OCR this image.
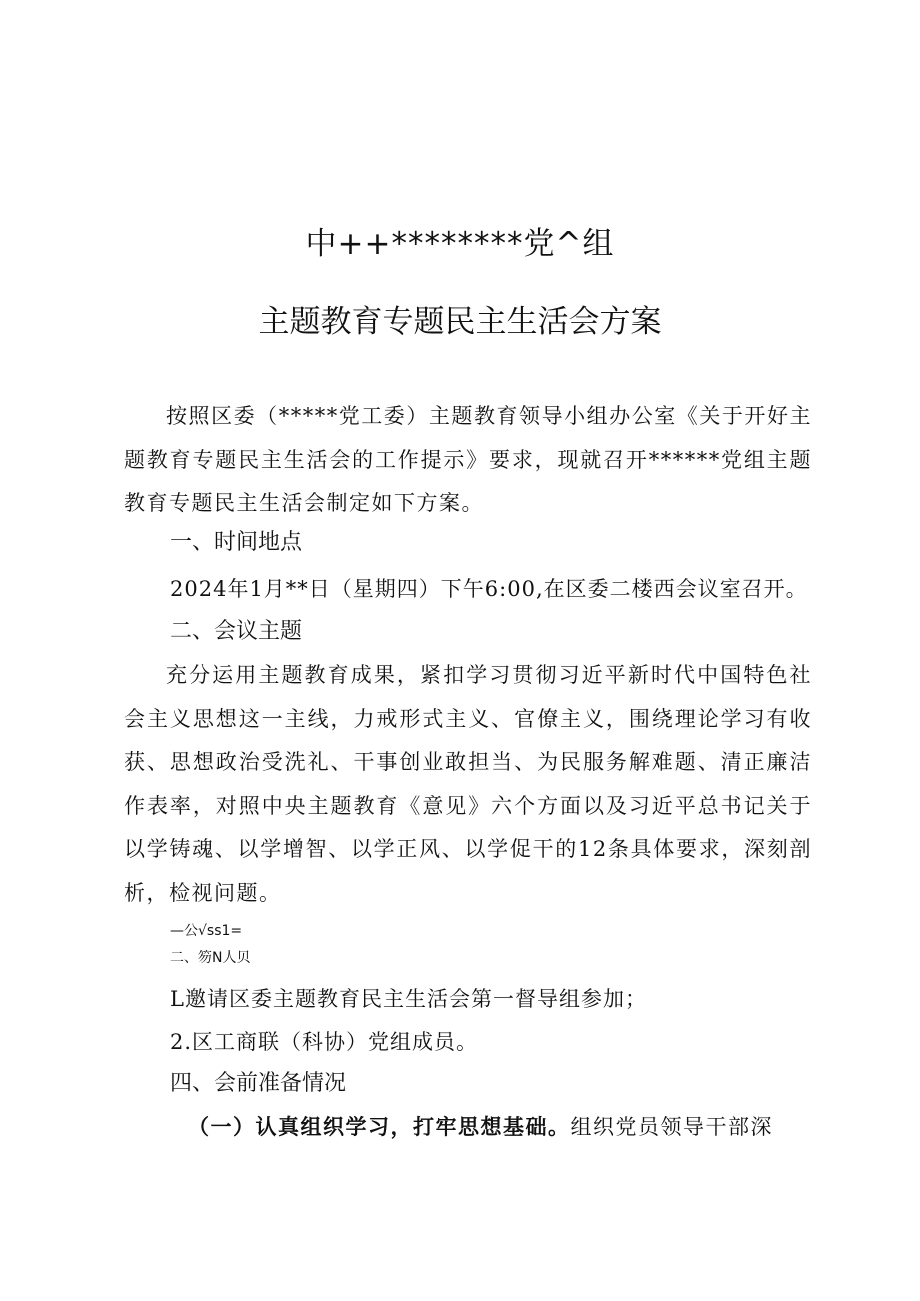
中++********党^组
主题教育专题民主生活会方案
按照区委（*****党工委）主题教育领导小组办公室《关于开好主题教育专题民主生活会的工作提示》要求，现就召开******党组主题教育专题民主生活会制定如下方案。
一、时间地点
2024年1月**日（星期四）下午6:00,在区委二楼西会议室召开。
二、会议主题
充分运用主题教育成果，紧扣学习贯彻习近平新时代中国特色社会主义思想这一主线，力戒形式主义、官僚主义，围绕理论学习有收获、思想政治受洗礼、干事创业敢担当、为民服务解难题、清正廉洁作表率，对照中央主题教育《意见》六个方面以及习近平总书记关于以学铸魂、以学增智、以学正风、以学促干的12条具体要求，深刻剖析，检视问题。
—公√ss1=
二、笏N人贝
L邀请区委主题教育民主生活会第一督导组参加；
2.区工商联（科协）党组成员。
四、会前准备情况
（一）认真组织学习，打牢思想基础。组织党员领导干部深
